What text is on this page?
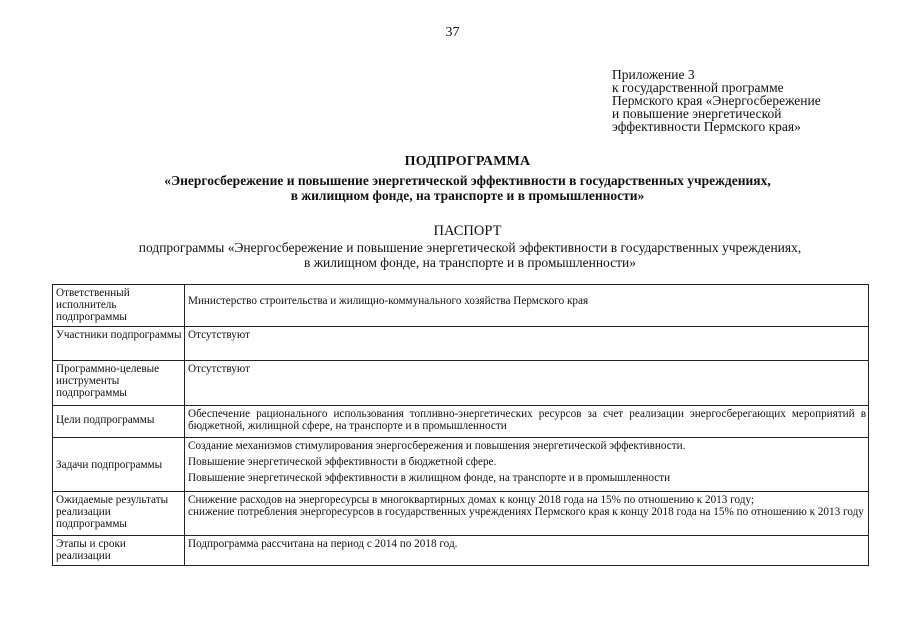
37
Приложение 3
к государственной программе
Пермского края «Энергосбережение
и повышение энергетической
эффективности Пермского края»
ПОДПРОГРАММА
«Энергосбережение и повышение энергетической эффективности в государственных учреждениях,
в жилищном фонде, на транспорте и в промышленности»
ПАСПОРТ
подпрограммы «Энергосбережение и повышение энергетической эффективности в государственных учреждениях,
в жилищном фонде, на транспорте и в промышленности»
Ответственный исполнитель подпрограммы	Министерство строительства и жилищно-коммунального хозяйства Пермского края
Участники подпрограммы	Отсутствуют
Программно-целевые инструменты подпрограммы	Отсутствуют
Цели подпрограммы	Обеспечение рационального использования топливно-энергетических ресурсов за счет реализации энергосберегающих мероприятий в бюджетной, жилищной сфере, на транспорте и в промышленности
Задачи подпрограммы	Создание механизмов стимулирования энергосбережения и повышения энергетической эффективности.
Повышение энергетической эффективности в бюджетной сфере.
Повышение энергетической эффективности в жилищном фонде, на транспорте и в промышленности

Ожидаемые результаты реализации подпрограммы	Снижение расходов на энергоресурсы в многоквартирных домах к концу 2018 года на 15% по отношению к 2013 году;
снижение потребления энергоресурсов в государственных учреждениях Пермского края к концу 2018 года на 15% по отношению к 2013 году

Этапы и сроки реализации	Подпрограмма рассчитана на период с 2014 по 2018 год.
